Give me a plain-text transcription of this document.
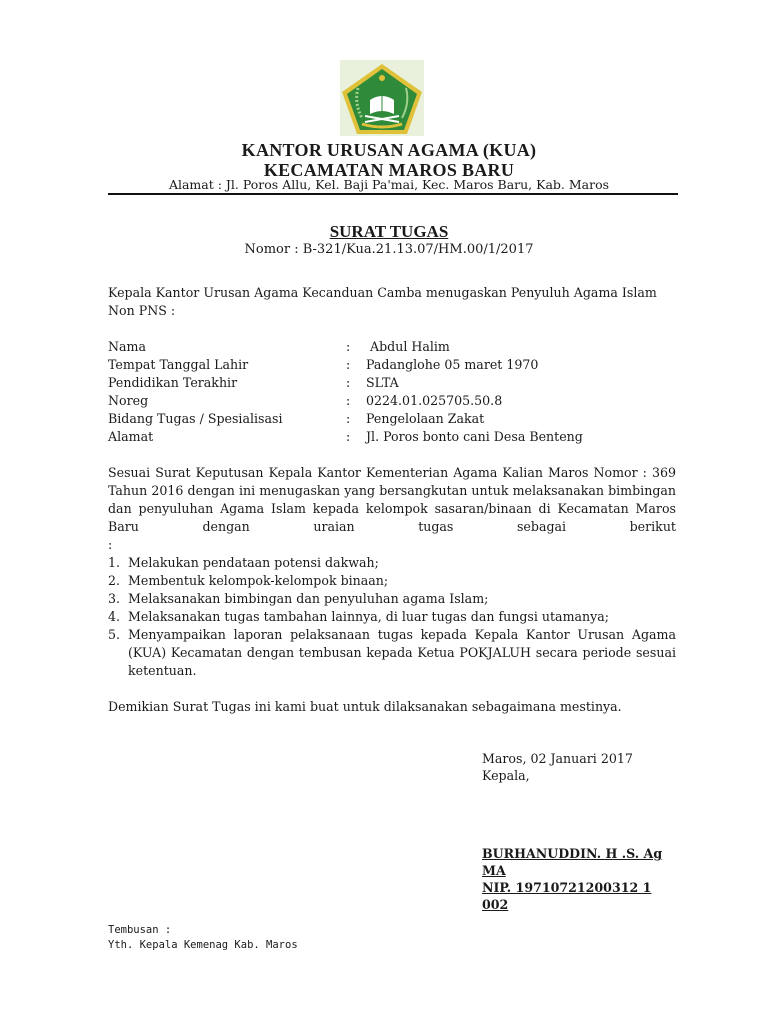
KANTOR URUSAN AGAMA (KUA)
KECAMATAN MAROS BARU
Alamat : Jl. Poros Allu, Kel. Baji Pa'mai, Kec. Maros Baru, Kab. Maros
SURAT TUGAS
Nomor : B-321/Kua.21.13.07/HM.00/1/2017
Kepala Kantor Urusan Agama Kecanduan Camba menugaskan Penyuluh Agama Islam Non PNS :
Nama	:	Abdul Halim
Tempat Tanggal Lahir	:	Padanglohe 05 maret 1970
Pendidikan Terakhir	:	SLTA
Noreg	:	0224.01.025705.50.8
Bidang Tugas / Spesialisasi	:	Pengelolaan Zakat
Alamat	:	Jl. Poros bonto cani Desa Benteng
Sesuai Surat Keputusan Kepala Kantor Kementerian Agama Kalian Maros Nomor : 369 Tahun 2016 dengan ini menugaskan yang bersangkutan untuk melaksanakan bimbingan dan penyuluhan Agama Islam kepada kelompok sasaran/binaan di Kecamatan Maros Baru dengan uraian tugas sebagai berikut
:
1. Melakukan pendataan potensi dakwah;
2. Membentuk kelompok-kelompok binaan;
3. Melaksanakan bimbingan dan penyuluhan agama Islam;
4. Melaksanakan tugas tambahan lainnya, di luar tugas dan fungsi utamanya;
5. Menyampaikan laporan pelaksanaan tugas kepada Kepala Kantor Urusan Agama (KUA) Kecamatan dengan tembusan kepada Ketua POKJALUH secara periode sesuai ketentuan.
Demikian Surat Tugas ini kami buat untuk dilaksanakan sebagaimana mestinya.
Maros, 02 Januari 2017
Kepala,
BURHANUDDIN. H .S. Ag MA
NIP. 19710721200312 1 002
Tembusan :
Yth. Kepala Kemenag Kab. Maros
